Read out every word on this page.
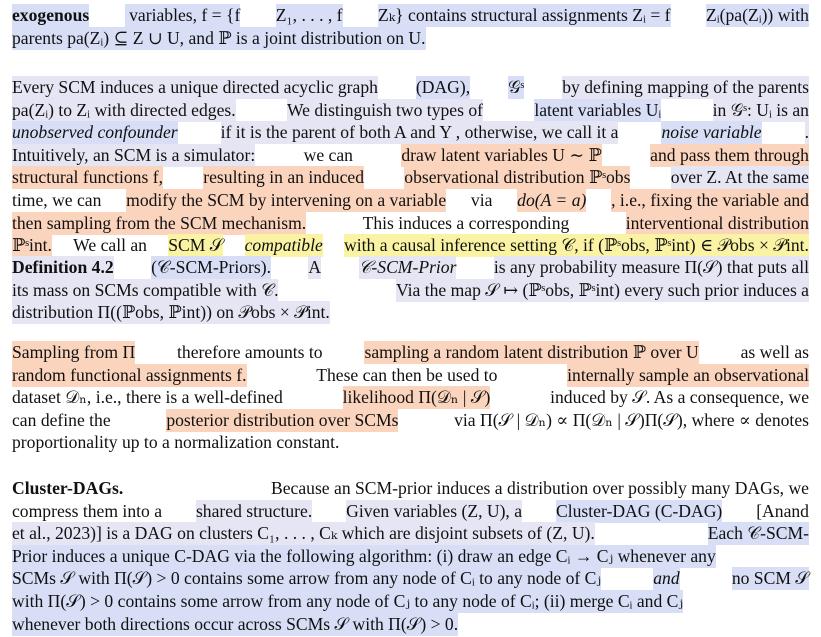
exogenous variables, f = {f Z₁, . . . , f Zₖ} contains structural assignments Zᵢ = f Zᵢ(pa(Zᵢ)) with
parents pa(Zᵢ) ⊆ Z ∪ U, and ℙ is a joint distribution on U.
Every SCM induces a unique directed acyclic graph (DAG), 𝒢ˢ by defining mapping of the parents
pa(Zᵢ) to Zᵢ with directed edges.	We distinguish two types of	latent variables Uᵢ	in 𝒢ˢ: Uᵢ is an
unobserved confounder if it is the parent of both A and Y , otherwise, we call it a noise variable .
Intuitively, an SCM is a simulator:	we can	draw latent variables U ∼ ℙ	and pass them through
structural functions f, resulting in an induced observational distribution ℙˢobs over Z. At the same
time, we can modify the SCM by intervening on a variable via do(A = a) , i.e., fixing the variable and
then sampling from the SCM mechanism.	This induces a corresponding	interventional distribution
ℙˢint. We call an SCM 𝒮 compatible with a causal inference setting 𝒞, if (ℙˢobs, ℙˢint) ∈ 𝒫obs × 𝒫int.
Definition 4.2 (𝒞-SCM-Priors). A 𝒞-SCM-Prior is any probability measure Π(𝒮) that puts all
its mass on SCMs compatible with 𝒞.	Via the map 𝒮 ↦ (ℙˢobs, ℙˢint) every such prior induces a
distribution Π((ℙobs, ℙint)) on 𝒫obs × 𝒫int.
Sampling from Π therefore amounts to sampling a random latent distribution ℙ over U as well as
random functional assignments f.	These can then be used to	internally sample an observational
dataset 𝒟ₙ, i.e., there is a well-defined	likelihood Π(𝒟ₙ | 𝒮)	induced by 𝒮. As a consequence, we
can define the	posterior distribution over SCMs	via Π(𝒮 | 𝒟ₙ) ∝ Π(𝒟ₙ | 𝒮)Π(𝒮), where ∝ denotes
proportionality up to a normalization constant.
Cluster-DAGs.	Because an SCM-prior induces a distribution over possibly many DAGs, we
compress them into a shared structure. Given variables (Z, U), a Cluster-DAG (C-DAG) [Anand
et al., 2023)] is a DAG on clusters C₁, . . . , Cₖ which are disjoint subsets of (Z, U).	Each 𝒞-SCM-
Prior induces a unique C-DAG via the following algorithm: (i) draw an edge Cᵢ → Cⱼ whenever any
SCMs 𝒮 with Π(𝒮) > 0 contains some arrow from any node of Cᵢ to any node of Cⱼ	and	no SCM 𝒮
with Π(𝒮) > 0 contains some arrow from any node of Cⱼ to any node of Cᵢ; (ii) merge Cᵢ and Cⱼ
whenever both directions occur across SCMs 𝒮 with Π(𝒮) > 0.
